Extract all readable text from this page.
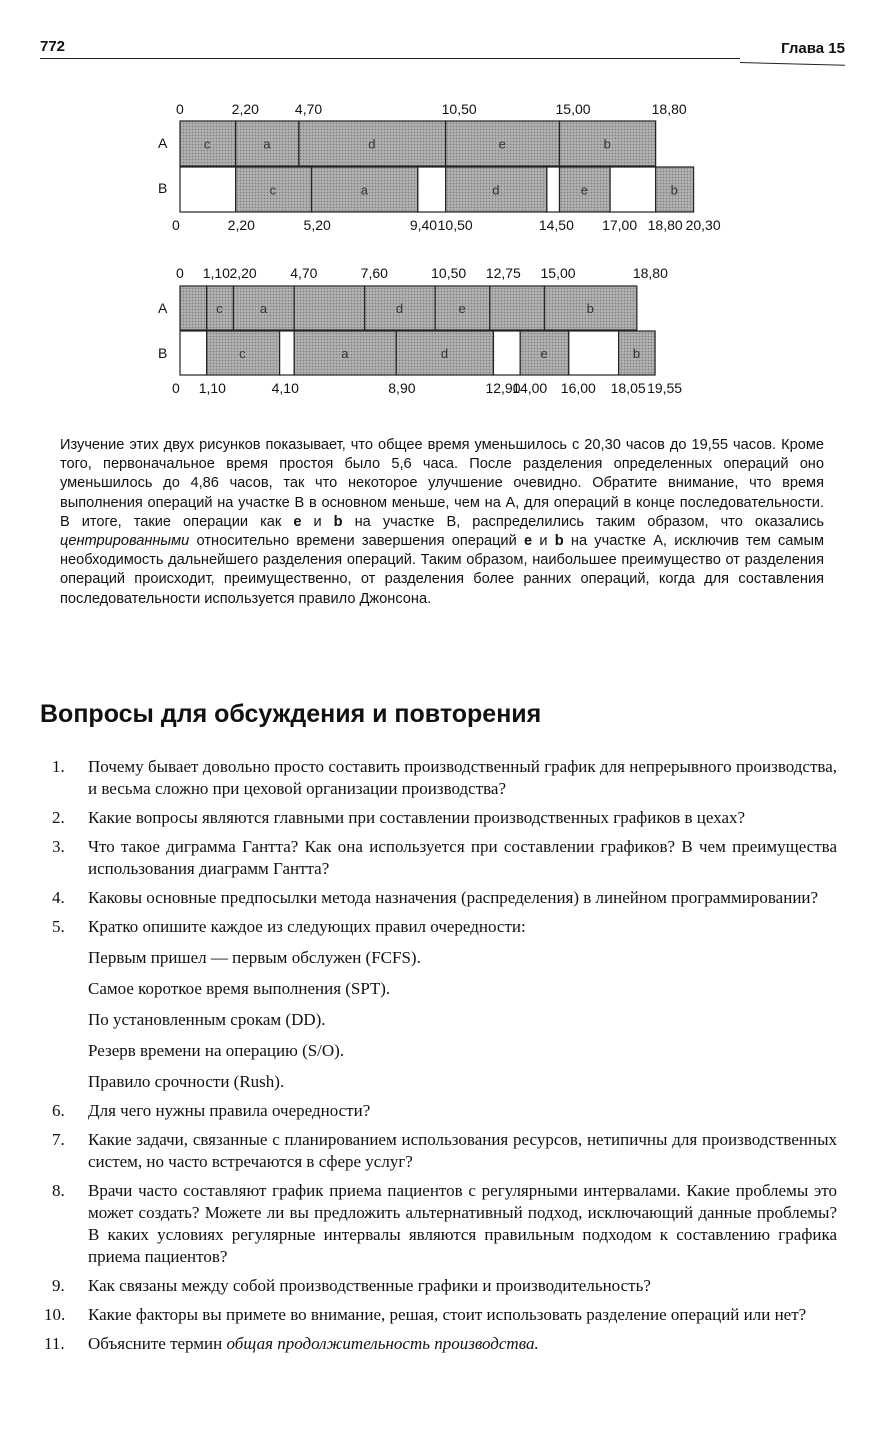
772	Глава 15
A
B
c	a	d	e	b
c	a	d	e	b
0	2,20	4,70	10,50	15,00	18,80
0	2,20	5,20	9,40 10,50	14,50 17,00 18,80 20,30
A
B
c	a	d	e	b
c	a	d	e	b
0 1,10 2,20 4,70	7,60	10,50 12,75 15,00	18,80
0 1,10	4,10	8,90	12,90
14,00 16,00 18,05 19,55

Изучение этих двух рисунков показывает, что общее время уменьшилось с 20,30 часов до 19,55 часов. Кроме того, первоначальное время простоя было 5,6 часа. После разделения определенных операций оно уменьшилось до 4,86 часов, так что некоторое улучшение очевидно. Обратите внимание, что время выполнения операций на участке В в основном меньше, чем на А, для операций в конце последовательности. В итоге, такие операции как е и b на участке В, распределились таким образом, что оказались центрированными относительно времени завершения операций е и b на участке А, исключив тем самым необходимость дальнейшего разделения операций. Таким образом, наибольшее преимущество от разделения операций происходит, преимущественно, от разделения более ранних операций, когда для составления последовательности используется правило Джонсона.

Вопросы для обсуждения и повторения
1.	Почему бывает довольно просто составить производственный график для непрерывного производства, и весьма сложно при цеховой организации производства?
2.	Какие вопросы являются главными при составлении производственных графиков в цехах?
3.	Что такое диграмма Гантта? Как она используется при составлении графиков? В чем преимущества использования диаграмм Гантта?
4.	Каковы основные предпосылки метода назначения (распределения) в линейном программировании?
5.	Кратко опишите каждое из следующих правил очередности:
Первым пришел — первым обслужен (FCFS).
Самое короткое время выполнения (SPT).
По установленным срокам (DD).
Резерв времени на операцию (S/O).
Правило срочности (Rush).
6.	Для чего нужны правила очередности?
7.	Какие задачи, связанные с планированием использования ресурсов, нетипичны для производственных систем, но часто встречаются в сфере услуг?
8.	Врачи часто составляют график приема пациентов с регулярными интервалами. Какие проблемы это может создать? Можете ли вы предложить альтернативный подход, исключающий данные проблемы? В каких условиях регулярные интервалы являются правильным подходом к составлению графика приема пациентов?
9.	Как связаны между собой производственные графики и производительность?
10.	Какие факторы вы примете во внимание, решая, стоит использовать разделение операций или нет?
11.	Объясните термин общая продолжительность производства.
